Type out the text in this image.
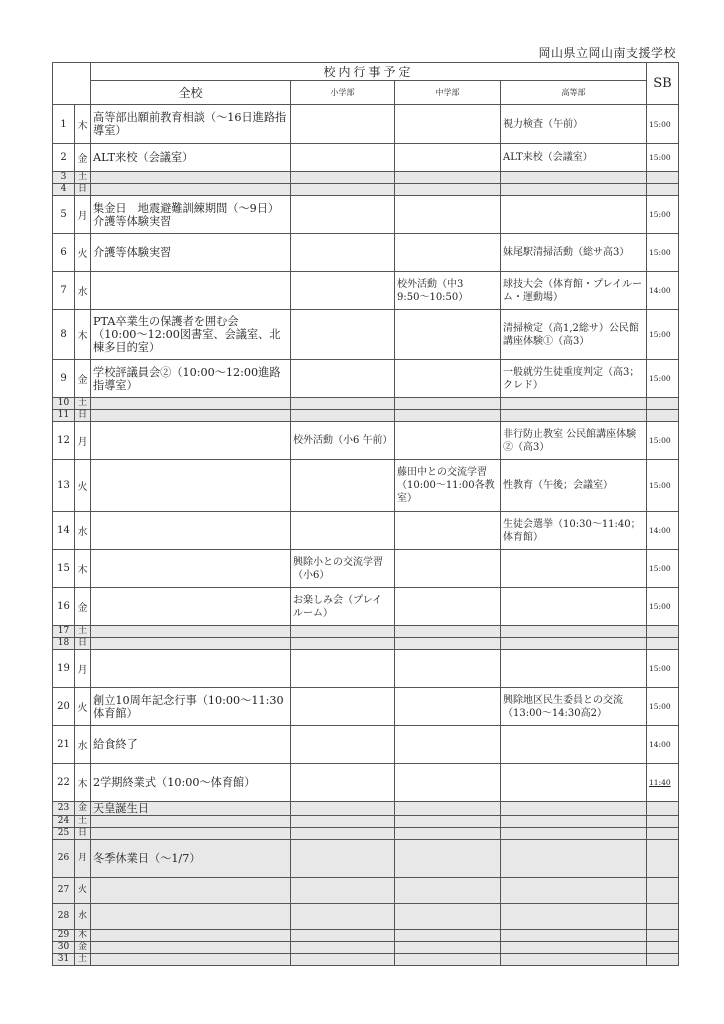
岡山県立岡山南支援学校
		校内行事予定				SB
		全校	小学部	中学部	高等部	
1	木	高等部出願前教育相談（〜16日進路指導室）			視力検査（午前）	15:00
2	金	ALT来校（会議室）			ALT来校（会議室）	15:00
3	土					
4	日					
5	月	集金日　地震避難訓練期間（〜9日）介護等体験実習				15:00
6	火	介護等体験実習			妹尾駅清掃活動（総サ高3）	15:00
7	水			校外活動（中3 9:50〜10:50）	球技大会（体育館・プレイルーム・運動場）	14:00
8	木	PTA卒業生の保護者を囲む会（10:00〜12:00図書室、会議室、北棟多目的室）			清掃検定（高1,2総サ）公民館講座体験①（高3）	15:00
9	金	学校評議員会②（10:00〜12:00進路指導室）			一般就労生徒重度判定（高3；クレド）	15:00
10	土					
11	日					
12	月		校外活動（小6 午前）		非行防止教室 公民館講座体験②（高3）	15:00
13	火			藤田中との交流学習（10:00〜11:00各教室）	性教育（午後；会議室）	15:00
14	水				生徒会選挙（10:30〜11:40；体育館）	14:00
15	木		興除小との交流学習（小6）			15:00
16	金		お楽しみ会（プレイルーム）			15:00
17	土					
18	日					
19	月					15:00
20	火	創立10周年記念行事（10:00〜11:30体育館）			興除地区民生委員との交流（13:00〜14:30高2）	15:00
21	水	給食終了				14:00
22	木	2学期終業式（10:00〜体育館）				11:40
23	金	天皇誕生日				
24	土					
25	日					
26	月	冬季休業日（〜1/7）				
27	火					
28	水					
29	木					
30	金					
31	土					
